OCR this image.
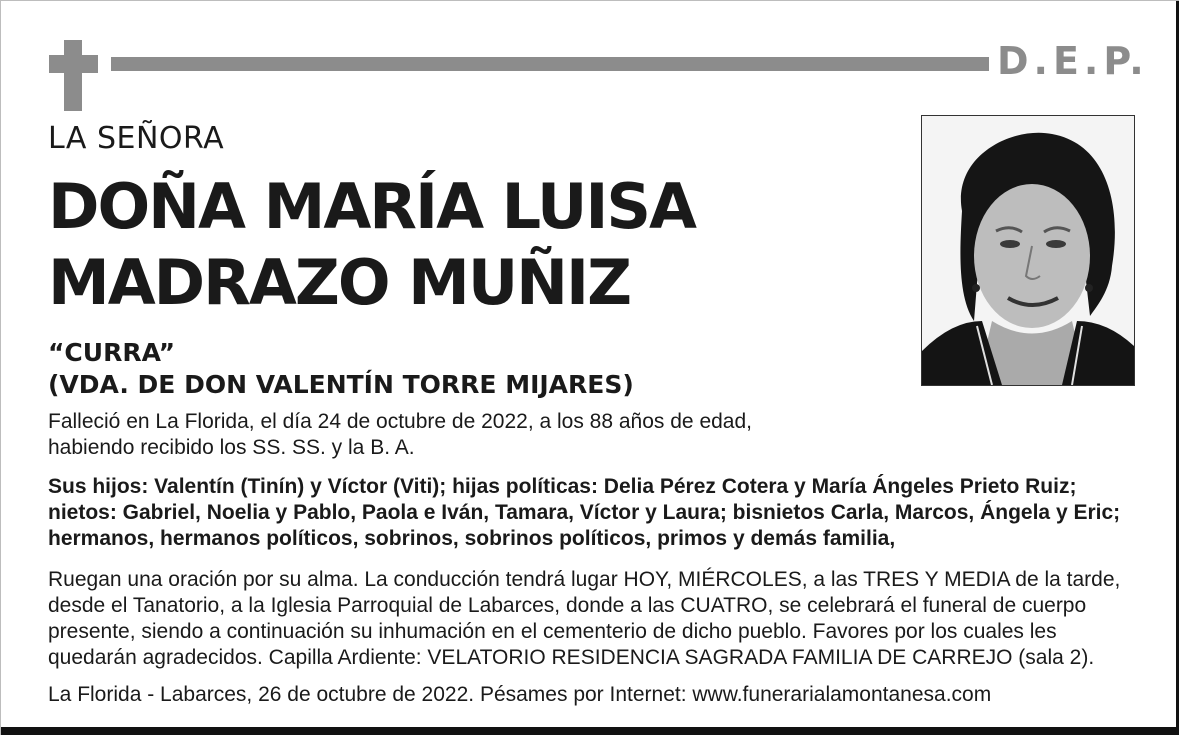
D.E.P.
LA SEÑORA
DOÑA MARÍA LUISA
MADRAZO MUÑIZ
“CURRA”
(VDA. DE DON VALENTÍN TORRE MIJARES)
Falleció en La Florida, el día 24 de octubre de 2022, a los 88 años de edad,
habiendo recibido los SS. SS. y la B. A.
Sus hijos: Valentín (Tinín) y Víctor (Viti); hijas políticas: Delia Pérez Cotera y María Ángeles Prieto Ruiz;
nietos: Gabriel, Noelia y Pablo, Paola e Iván, Tamara, Víctor y Laura; bisnietos Carla, Marcos, Ángela y Eric;
hermanos, hermanos políticos, sobrinos, sobrinos políticos, primos y demás familia,
Ruegan una oración por su alma. La conducción tendrá lugar HOY, MIÉRCOLES, a las TRES Y MEDIA de la tarde,
desde el Tanatorio, a la Iglesia Parroquial de Labarces, donde a las CUATRO, se celebrará el funeral de cuerpo
presente, siendo a continuación su inhumación en el cementerio de dicho pueblo. Favores por los cuales les
quedarán agradecidos. Capilla Ardiente: VELATORIO RESIDENCIA SAGRADA FAMILIA DE CARREJO (sala 2).
La Florida - Labarces, 26 de octubre de 2022. Pésames por Internet: www.funerarialamontanesa.com
